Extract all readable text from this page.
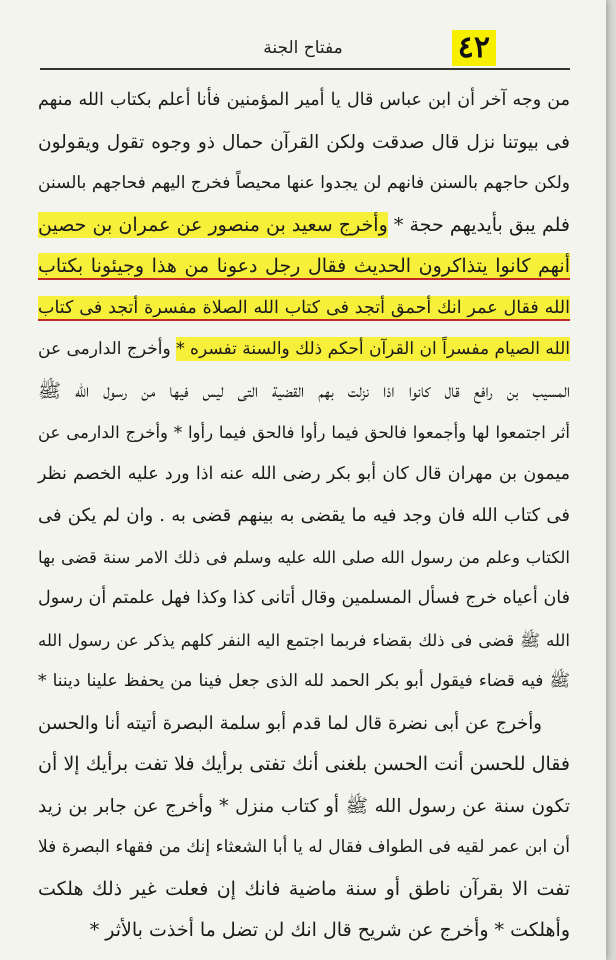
مفتاح الجنة	٤٢
من وجه آخر أن ابن عباس قال يا أمير المؤمنين فأنا أعلم بكتاب الله منهم
فى بيوتنا نزل قال صدقت ولكن القرآن حمال ذو وجوه تقول ويقولون
ولكن حاجهم بالسنن فانهم لن يجدوا عنها محيصاً فخرج اليهم فحاجهم بالسنن
فلم يبق بأيديهم حجة * وأخرج سعيد بن منصور عن عمران بن حصين
أنهم كانوا يتذاكرون الحديث فقال رجل دعونا من هذا وجيئونا بكتاب
الله فقال عمر انك أحمق أتجد فى كتاب الله الصلاة مفسرة أتجد فى كتاب
الله الصيام مفسراً ان القرآن أحكم ذلك والسنة تفسره * وأخرج الدارمى عن
المسيب بن رافع قال كانوا اذا نزلت بهم القضية التى ليس فيها من رسول الله ﷺ
أثر اجتمعوا لها وأجمعوا فالحق فيما رأوا فالحق فيما رأوا * وأخرج الدارمى عن
ميمون بن مهران قال كان أبو بكر رضى الله عنه اذا ورد عليه الخصم نظر
فى كتاب الله فان وجد فيه ما يقضى به بينهم قضى به . وان لم يكن فى
الكتاب وعلم من رسول الله صلى الله عليه وسلم فى ذلك الامر سنة قضى بها
فان أعياه خرج فسأل المسلمين وقال أتانى كذا وكذا فهل علمتم أن رسول
الله ﷺ قضى فى ذلك بقضاء فربما اجتمع اليه النفر كلهم يذكر عن رسول الله
ﷺ فيه قضاء فيقول أبو بكر الحمد لله الذى جعل فينا من يحفظ علينا ديننا *
وأخرج عن أبى نضرة قال لما قدم أبو سلمة البصرة أتيته أنا والحسن
فقال للحسن أنت الحسن بلغنى أنك تفتى برأيك فلا تفت برأيك إلا أن
تكون سنة عن رسول الله ﷺ أو كتاب منزل * وأخرج عن جابر بن زيد
أن ابن عمر لقيه فى الطواف فقال له يا أبا الشعثاء إنك من فقهاء البصرة فلا
تفت الا بقرآن ناطق أو سنة ماضية فانك إن فعلت غير ذلك هلكت
وأهلكت * وأخرج عن شريح قال انك لن تضل ما أخذت بالأثر *
